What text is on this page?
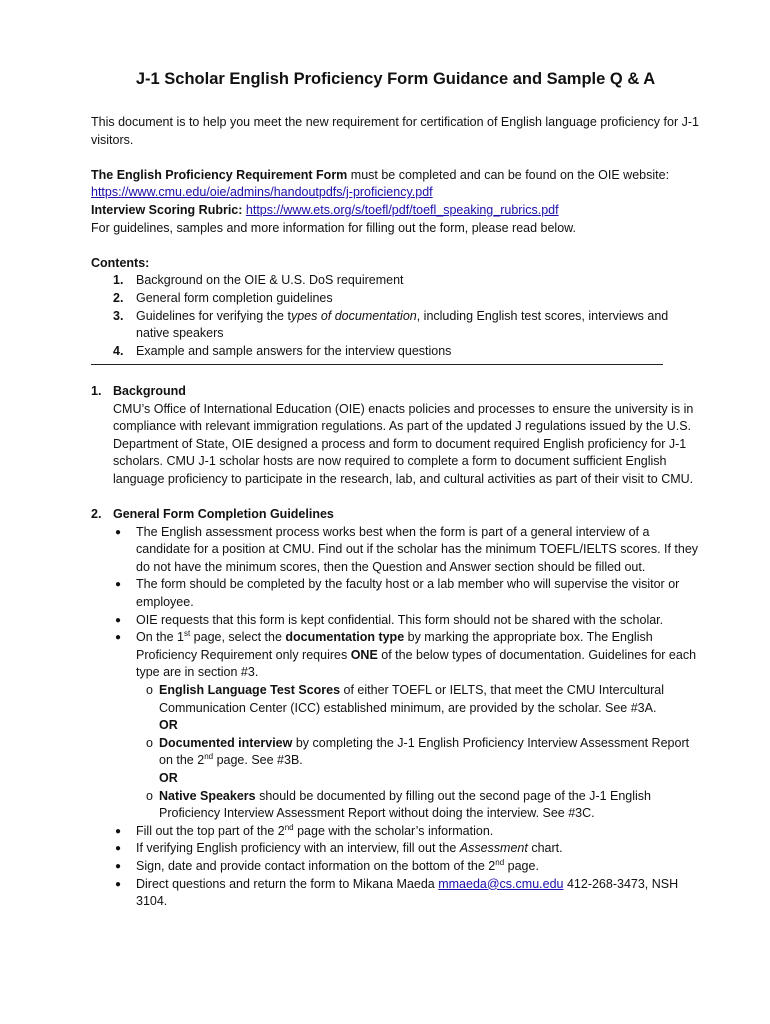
J-1 Scholar English Proficiency Form Guidance and Sample Q & A

This document is to help you meet the new requirement for certification of English language proficiency for J-1 visitors.

The English Proficiency Requirement Form must be completed and can be found on the OIE website:

https://www.cmu.edu/oie/admins/handoutpdfs/j-proficiency.pdf

Interview Scoring Rubric: https://www.ets.org/s/toefl/pdf/toefl_speaking_rubrics.pdf

For guidelines, samples and more information for filling out the form, please read below.

Contents:

1. Background on the OIE & U.S. DoS requirement
2. General form completion guidelines
3. Guidelines for verifying the types of documentation, including English test scores, interviews and native speakers
4. Example and sample answers for the interview questions
1. Background

CMU’s Office of International Education (OIE) enacts policies and processes to ensure the university is in compliance with relevant immigration regulations. As part of the updated J regulations issued by the U.S. Department of State, OIE designed a process and form to document required English proficiency for J-1 scholars. CMU J-1 scholar hosts are now required to complete a form to document sufficient English language proficiency to participate in the research, lab, and cultural activities as part of their visit to CMU.

2. General Form Completion Guidelines

● The English assessment process works best when the form is part of a general interview of a candidate for a position at CMU. Find out if the scholar has the minimum TOEFL/IELTS scores. If they do not have the minimum scores, then the Question and Answer section should be filled out.
● The form should be completed by the faculty host or a lab member who will supervise the visitor or employee.
● OIE requests that this form is kept confidential. This form should not be shared with the scholar.
● On the 1st page, select the documentation type by marking the appropriate box. The English Proficiency Requirement only requires ONE of the below types of documentation. Guidelines for each type are in section #3.
o English Language Test Scores of either TOEFL or IELTS, that meet the CMU Intercultural Communication Center (ICC) established minimum, are provided by the scholar. See #3A.
OR
o Documented interview by completing the J-1 English Proficiency Interview Assessment Report on the 2nd page. See #3B.
OR
o Native Speakers should be documented by filling out the second page of the J-1 English Proficiency Interview Assessment Report without doing the interview. See #3C.
● Fill out the top part of the 2nd page with the scholar’s information.
● If verifying English proficiency with an interview, fill out the Assessment chart.
● Sign, date and provide contact information on the bottom of the 2nd page.
● Direct questions and return the form to Mikana Maeda mmaeda@cs.cmu.edu 412-268-3473, NSH 3104.
